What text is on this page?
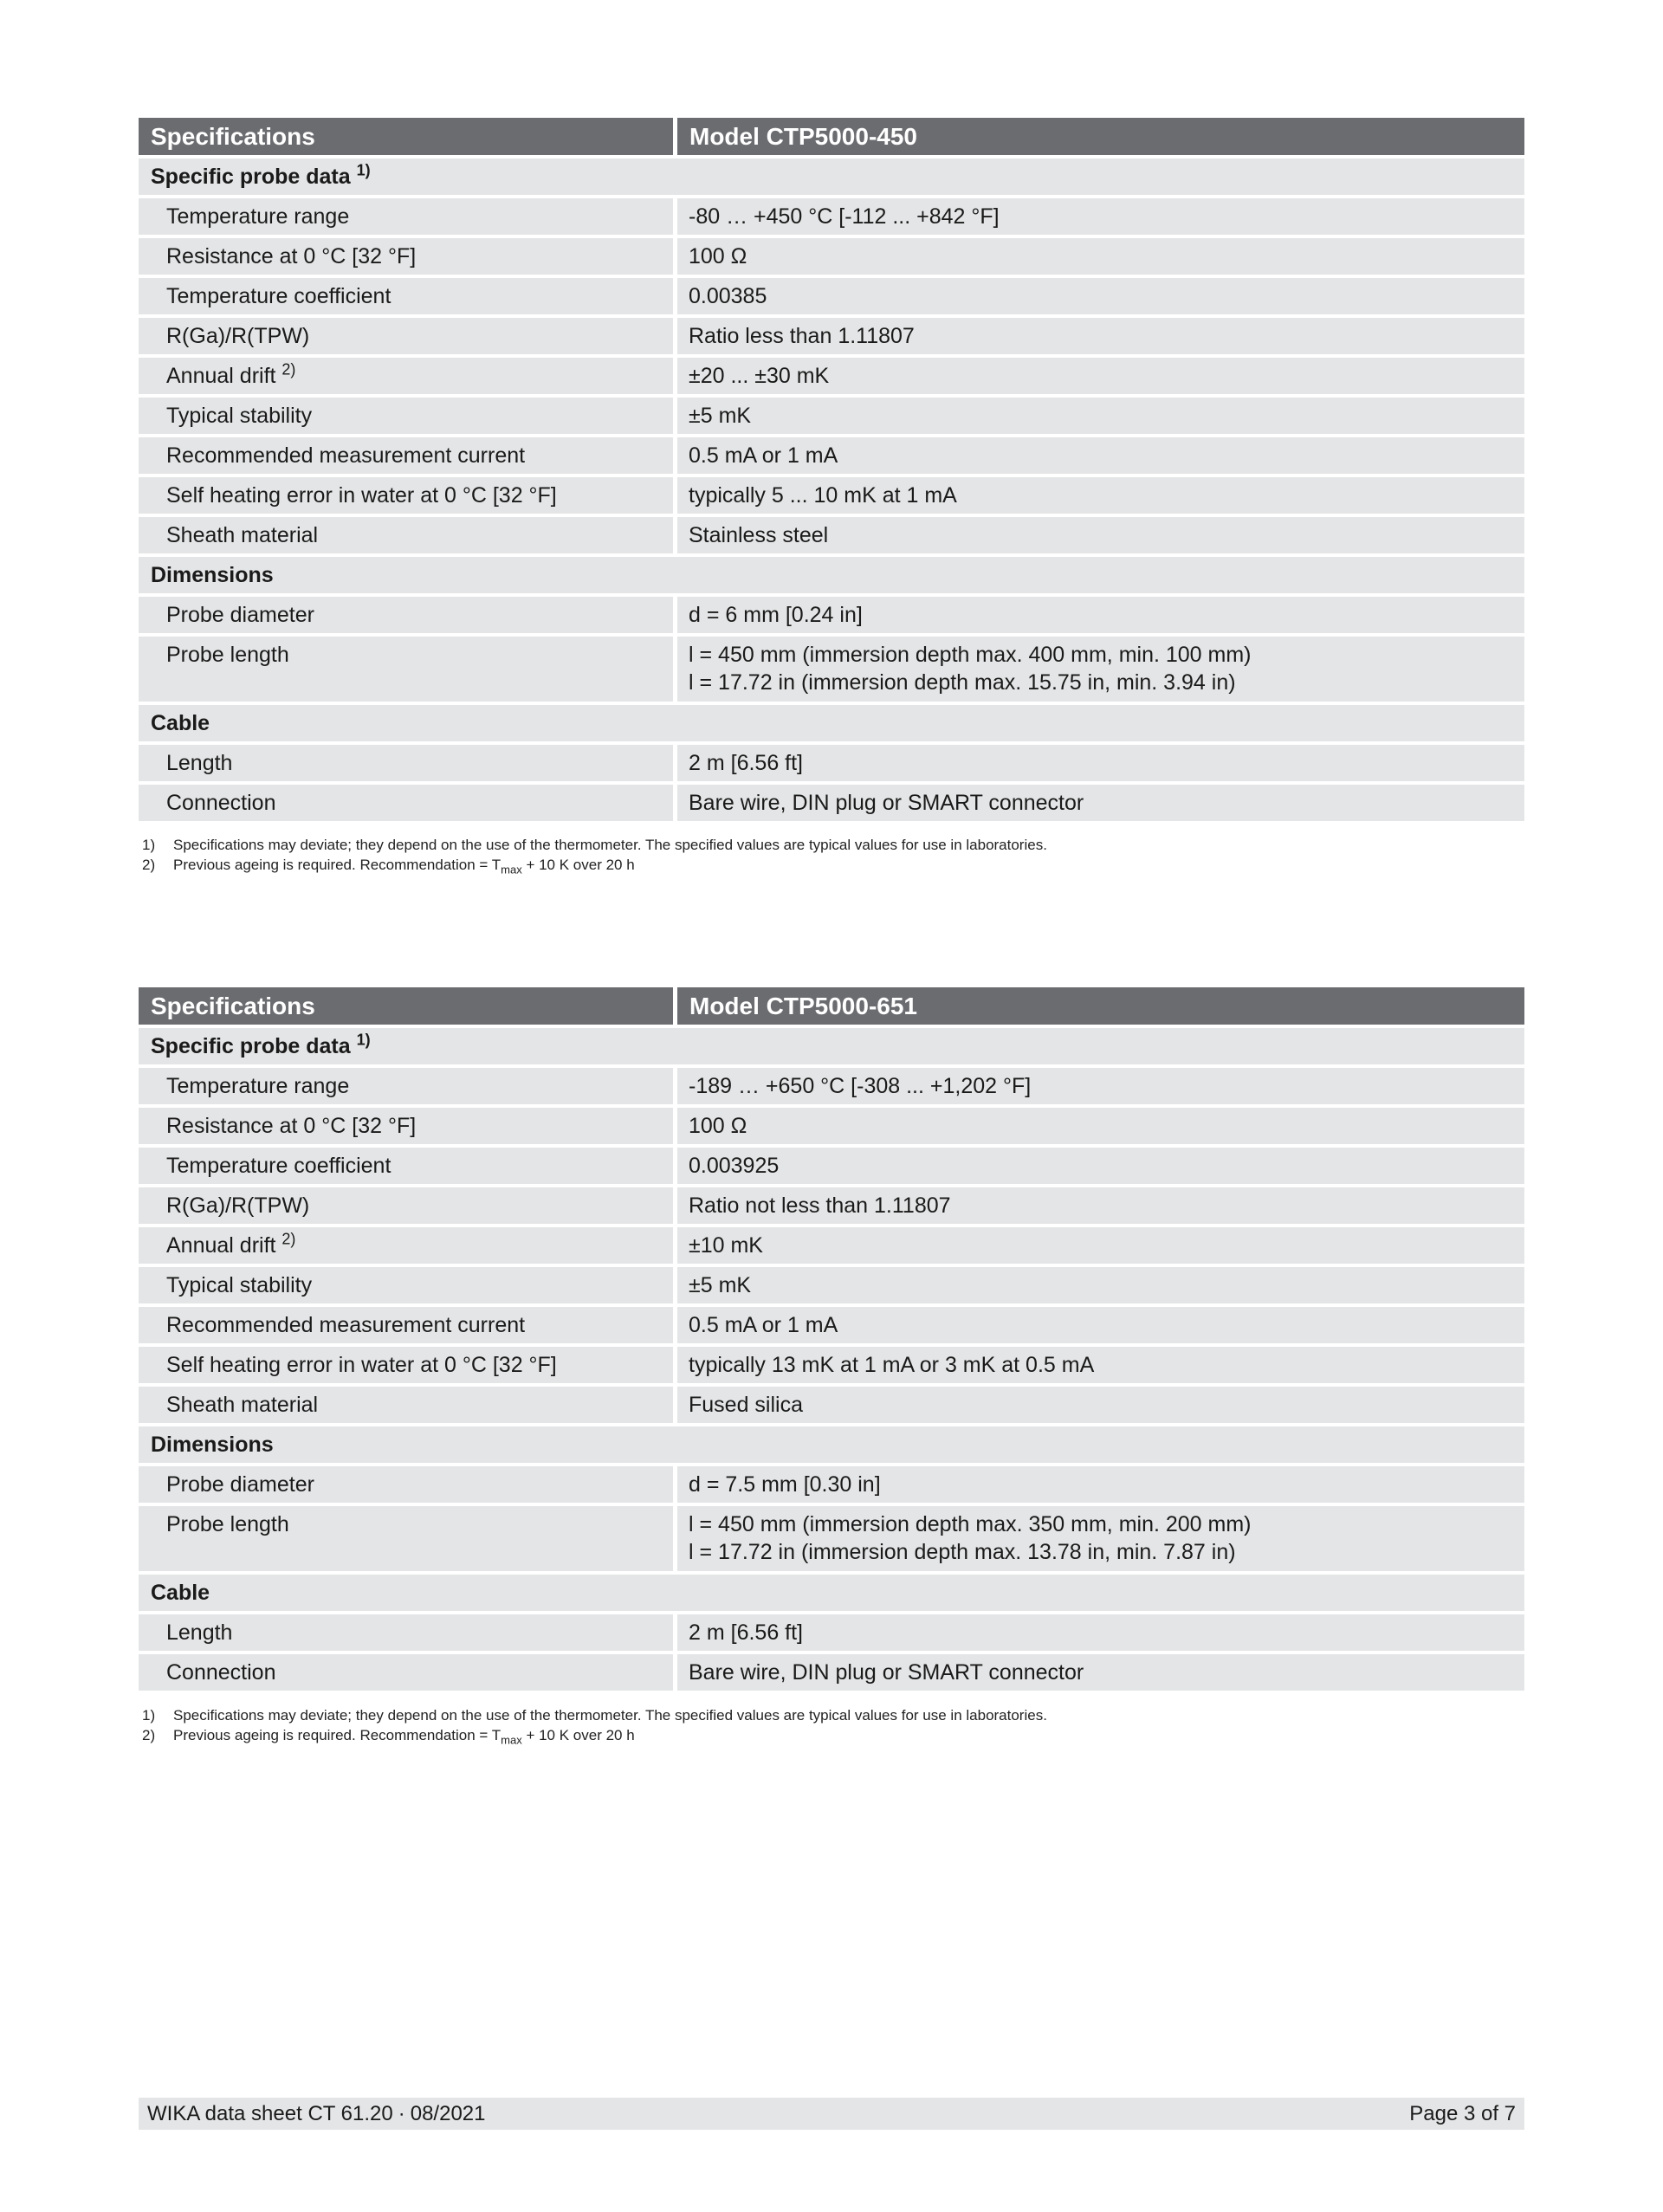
Specifications	Model CTP5000-450
Specific probe data $^{1)}$
Temperature range	-80 … +450 °C [-112 ... +842 °F]
Resistance at 0 °C [32 °F]	100 Ω
Temperature coefficient	0.00385
R(Ga)/R(TPW)	Ratio less than 1.11807
Annual drift $^{2)}$	±20 ... ±30 mK
Typical stability	±5 mK
Recommended measurement current	0.5 mA or 1 mA
Self heating error in water at 0 °C [32 °F]	typically 5 ... 10 mK at 1 mA
Sheath material	Stainless steel
Dimensions	
Probe diameter	d = 6 mm [0.24 in]
Probe length	l = 450 mm (immersion depth max. 400 mm, min. 100 mm)
l = 17.72 in (immersion depth max. 15.75 in, min. 3.94 in)

Cable	
Length	2 m [6.56 ft]
Connection	Bare wire, DIN plug or SMART connector
1)	Specifications may deviate; they depend on the use of the thermometer. The specified values are typical values for use in laboratories.
2)	Previous ageing is required. Recommendation = $T_{max} + 10$ K over 20 h
Specifications	Model CTP5000-651
Specific probe data $^{1)}$
Temperature range	-189 … +650 °C [-308 ... +1,202 °F]
Resistance at 0 °C [32 °F]	100 Ω
Temperature coefficient	0.003925
R(Ga)/R(TPW)	Ratio not less than 1.11807
Annual drift $^{2)}$	±10 mK
Typical stability	±5 mK
Recommended measurement current	0.5 mA or 1 mA
Self heating error in water at 0 °C [32 °F]	typically 13 mK at 1 mA or 3 mK at 0.5 mA
Sheath material	Fused silica
Dimensions	
Probe diameter	d = 7.5 mm [0.30 in]
Probe length	l = 450 mm (immersion depth max. 350 mm, min. 200 mm)
l = 17.72 in (immersion depth max. 13.78 in, min. 7.87 in)

Cable	
Length	2 m [6.56 ft]
Connection	Bare wire, DIN plug or SMART connector
1)	Specifications may deviate; they depend on the use of the thermometer. The specified values are typical values for use in laboratories.
2)	Previous ageing is required. Recommendation = $T_{max} + 10$ K over 20 h
WIKA data sheet CT 61.20 ∙ 08/2021	Page 3 of 7
